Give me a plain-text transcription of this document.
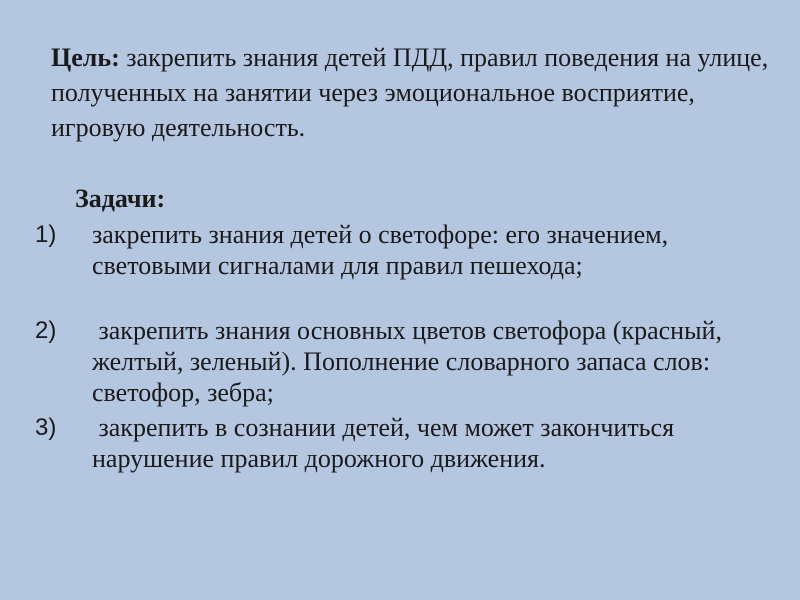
Цель: закрепить знания детей ПДД, правил поведения на улице, полученных на занятии через эмоциональное восприятие, игровую деятельность.

Задачи:

1) закрепить знания детей о светофоре: его значением, световыми сигналами для правил пешехода;

2) закрепить знания основных цветов светофора (красный, желтый, зеленый). Пополнение словарного запаса слов: светофор, зебра;

3) закрепить в сознании детей, чем может закончиться нарушение правил дорожного движения.
